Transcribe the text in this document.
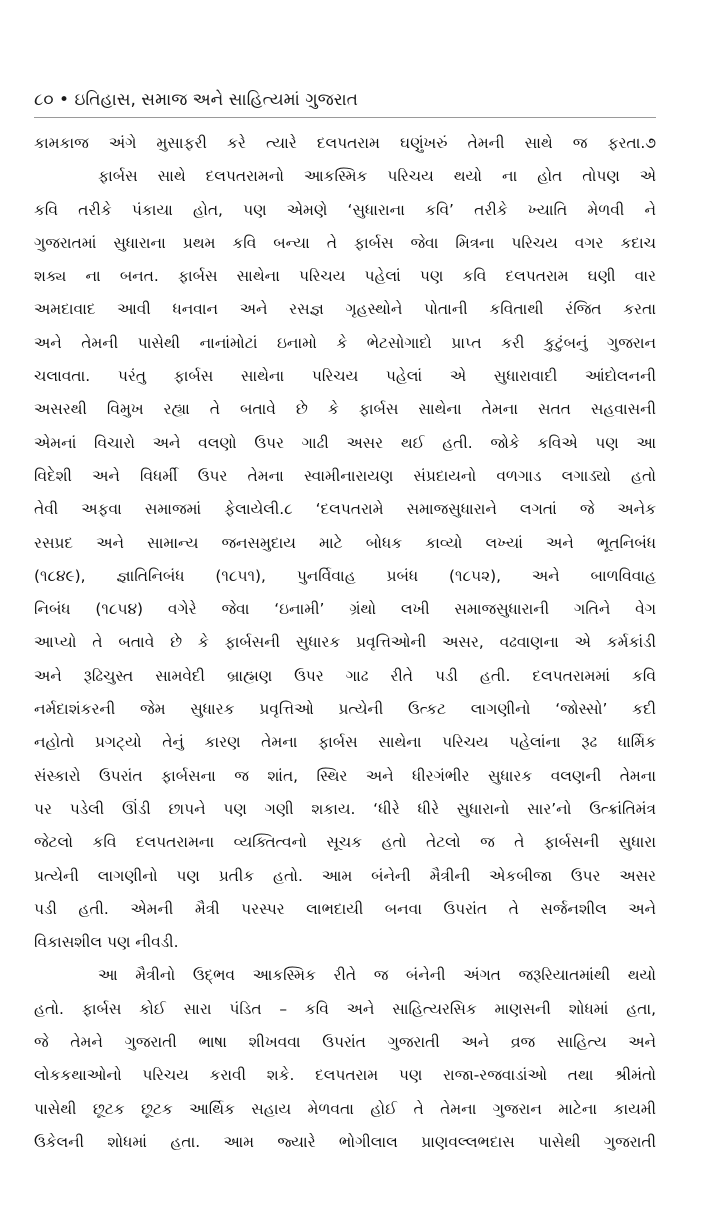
૮૦ • ઇતિહાસ, સમાજ અને સાહિત્યમાં ગુજરાત
કામકાજ અંગે મુસાફરી કરે ત્યારે દલપતરામ ઘણુંખરું તેમની સાથે જ ફરતા.૭
ફાર્બસ સાથે દલપતરામનો આકસ્મિક પરિચય થયો ના હોત તોપણ એ
કવિ તરીકે પંકાયા હોત, પણ એમણે ‘સુધારાના કવિ’ તરીકે ખ્યાતિ મેળવી ને
ગુજરાતમાં સુધારાના પ્રથમ કવિ બન્યા તે ફાર્બસ જેવા મિત્રના પરિચય વગર કદાચ
શક્ય ના બનત. ફાર્બસ સાથેના પરિચય પહેલાં પણ કવિ દલપતરામ ઘણી વાર
અમદાવાદ આવી ધનવાન અને રસજ્ઞ ગૃહસ્થોને પોતાની કવિતાથી રંજિત કરતા
અને તેમની પાસેથી નાનાંમોટાં ઇનામો કે ભેટસોગાદો પ્રાપ્ત કરી કુટુંબનું ગુજરાન
ચલાવતા. પરંતુ ફાર્બસ સાથેના પરિચય પહેલાં એ સુધારાવાદી આંદોલનની
અસરથી વિમુખ રહ્યા તે બતાવે છે કે ફાર્બસ સાથેના તેમના સતત સહવાસની
એમનાં વિચારો અને વલણો ઉપર ગાઢી અસર થઈ હતી. જોકે કવિએ પણ આ
વિદેશી અને વિધર્મી ઉપર તેમના સ્વામીનારાયણ સંપ્રદાયનો વળગાડ લગાડ્યો હતો
તેવી અફવા સમાજમાં ફેલાયેલી.૮ ‘દલપતરામે સમાજસુધારાને લગતાં જે અનેક
રસપ્રદ અને સામાન્ય જનસમુદાય માટે બોધક કાવ્યો લખ્યાં અને ભૂતનિબંધ
(૧૮૪૯), જ્ઞાતિનિબંધ (૧૮૫૧), પુનર્વિવાહ પ્રબંધ (૧૮૫૨), અને બાળવિવાહ
નિબંધ (૧૮૫૪) વગેરે જેવા ‘ઇનામી’ ગ્રંથો લખી સમાજસુધારાની ગતિને વેગ
આપ્યો તે બતાવે છે કે ફાર્બસની સુધારક પ્રવૃત્તિઓની અસર, વઢવાણના એ કર્મકાંડી
અને રૂઢિચુસ્ત સામવેદી બ્રાહ્મણ ઉપર ગાઢ રીતે પડી હતી. દલપતરામમાં કવિ
નર્મદાશંકરની જેમ સુધારક પ્રવૃત્તિઓ પ્રત્યેની ઉત્કટ લાગણીનો ‘જોસ્સો’ કદી
નહોતો પ્રગટ્યો તેનું કારણ તેમના ફાર્બસ સાથેના પરિચય પહેલાંના રૂઢ ધાર્મિક
સંસ્કારો ઉપરાંત ફાર્બસના જ શાંત, સ્થિર અને ધીરગંભીર સુધારક વલણની તેમના
પર પડેલી ઊંડી છાપને પણ ગણી શકાય. ‘ધીરે ધીરે સુધારાનો સાર’નો ઉત્ક્રાંતિમંત્ર
જેટલો કવિ દલપતરામના વ્યક્તિત્વનો સૂચક હતો તેટલો જ તે ફાર્બસની સુધારા
પ્રત્યેની લાગણીનો પણ પ્રતીક હતો. આમ બંનેની મૈત્રીની એકબીજા ઉપર અસર
પડી હતી. એમની મૈત્રી પરસ્પર લાભદાયી બનવા ઉપરાંત તે સર્જનશીલ અને
વિકાસશીલ પણ નીવડી.
આ મૈત્રીનો ઉદ્ભવ આકસ્મિક રીતે જ બંનેની અંગત જરૂરિયાતમાંથી થયો
હતો. ફાર્બસ કોઈ સારા પંડિત – કવિ અને સાહિત્યરસિક માણસની શોધમાં હતા,
જે તેમને ગુજરાતી ભાષા શીખવવા ઉપરાંત ગુજરાતી અને વ્રજ સાહિત્ય અને
લોકકથાઓનો પરિચય કરાવી શકે. દલપતરામ પણ રાજા-રજવાડાંઓ તથા શ્રીમંતો
પાસેથી છૂટક છૂટક આર્થિક સહાય મેળવતા હોઈ તે તેમના ગુજરાન માટેના કાયમી
ઉકેલની શોધમાં હતા. આમ જ્યારે ભોગીલાલ પ્રાણવલ્લભદાસ પાસેથી ગુજરાતી
